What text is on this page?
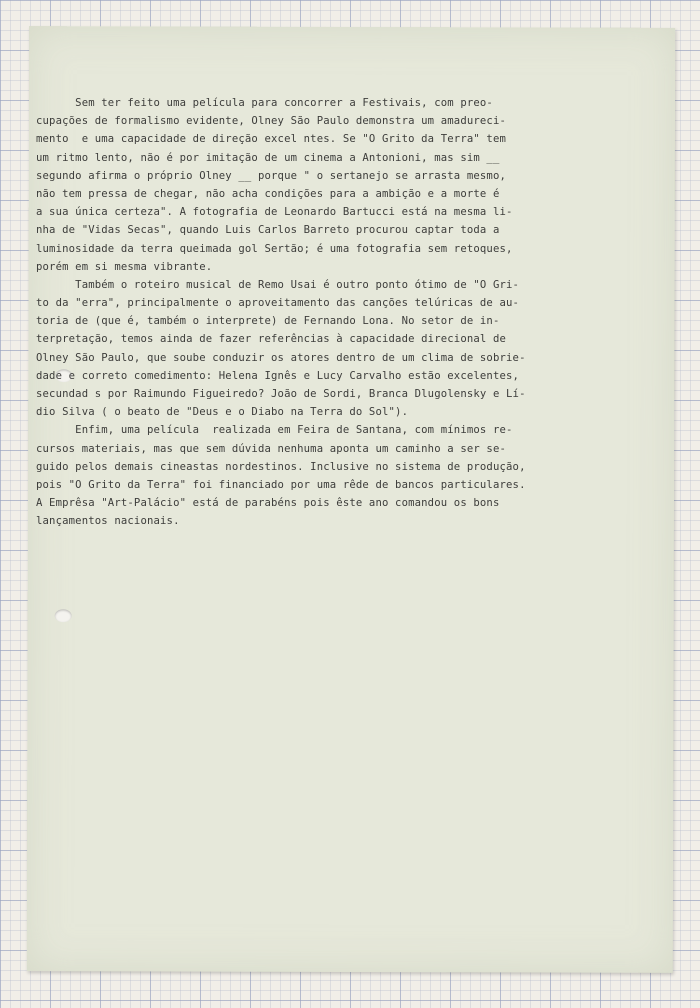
Sem ter feito uma película para concorrer a Festivais, com preo-
cupações de formalismo evidente, Olney São Paulo demonstra um amadureci-
mento  e uma capacidade de direção excel ntes. Se "O Grito da Terra" tem
um ritmo lento, não é por imitação de um cinema a Antonioni, mas sim __
segundo afirma o próprio Olney __ porque " o sertanejo se arrasta mesmo,
não tem pressa de chegar, não acha condições para a ambição e a morte é
a sua única certeza". A fotografia de Leonardo Bartucci está na mesma li-
nha de "Vidas Secas", quando Luis Carlos Barreto procurou captar toda a
luminosidade da terra queimada gol Sertão; é uma fotografia sem retoques,
porém em si mesma vibrante.
Também o roteiro musical de Remo Usai é outro ponto ótimo de "O Gri-
to da "erra", principalmente o aproveitamento das canções telúricas de au-
toria de (que é, também o interprete) de Fernando Lona. No setor de in-
terpretação, temos ainda de fazer referências à capacidade direcional de
Olney São Paulo, que soube conduzir os atores dentro de um clima de sobrie-
dade e correto comedimento: Helena Ignês e Lucy Carvalho estão excelentes,
secundad s por Raimundo Figueiredo? João de Sordi, Branca Dlugolensky e Lí-
dio Silva ( o beato de "Deus e o Diabo na Terra do Sol").
Enfim, uma película  realizada em Feira de Santana, com mínimos re-
cursos materiais, mas que sem dúvida nenhuma aponta um caminho a ser se-
guido pelos demais cineastas nordestinos. Inclusive no sistema de produção,
pois "O Grito da Terra" foi financiado por uma rêde de bancos particulares.
A Emprêsa "Art-Palácio" está de parabéns pois êste ano comandou os bons
lançamentos nacionais.
